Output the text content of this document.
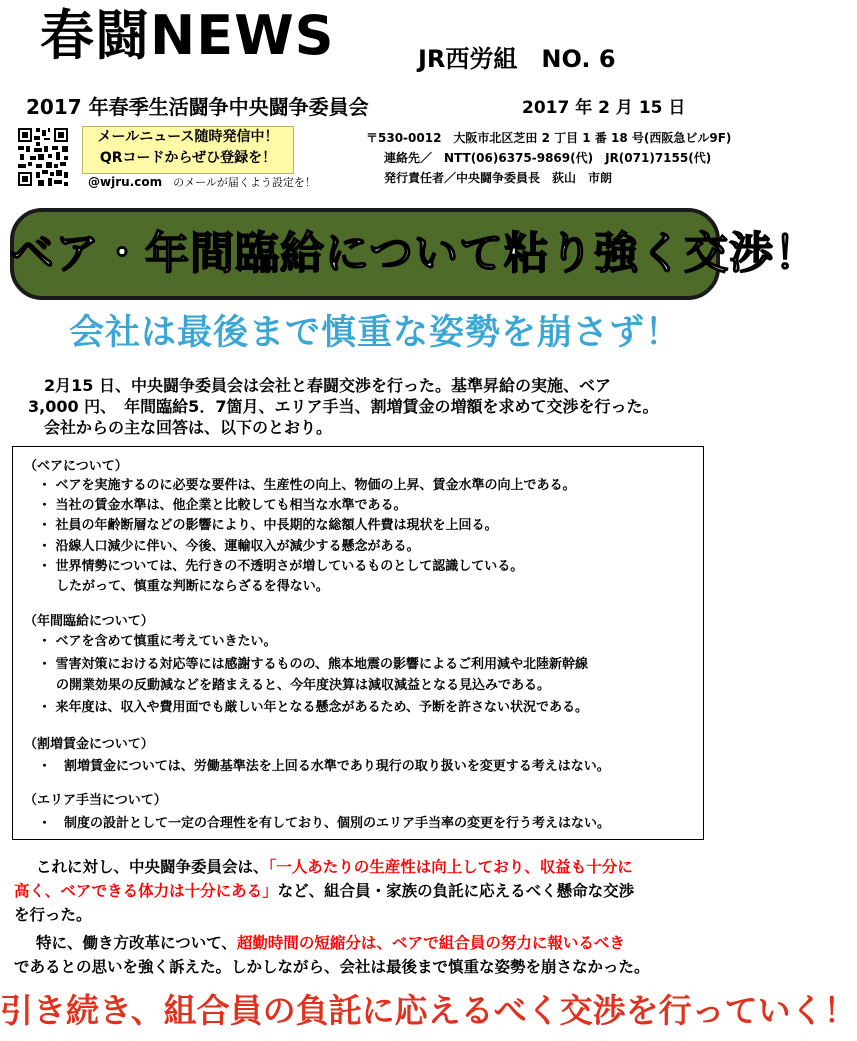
春闘NEWS	JR西労組　NO. 6
2017 年春季生活闘争中央闘争委員会	2017 年 2 月 15 日
メールニュース随時発信中！
QRコードからぜひ登録を！
@wjru.com　のメールが届くよう設定を！
〒530-0012　大阪市北区芝田 2 丁目 1 番 18 号(西阪急ビル9F)
連絡先／　NTT(06)6375-9869(代)　JR(071)7155(代)
発行責任者／中央闘争委員長　荻山　市朗
ベア・年間臨給について粘り強く交渉！
会社は最後まで慎重な姿勢を崩さず！
2月15 日、中央闘争委員会は会社と春闘交渉を行った。基準昇給の実施、ベア
3,000 円、　年間臨給5．7箇月、エリア手当、割増賃金の増額を求めて交渉を行った。
会社からの主な回答は、以下のとおり。
（ベアについて）
・ ベアを実施するのに必要な要件は、生産性の向上、物価の上昇、賃金水準の向上である。
・ 当社の賃金水準は、他企業と比較しても相当な水準である。
・ 社員の年齢断層などの影響により、中長期的な総額人件費は現状を上回る。
・ 沿線人口減少に伴い、今後、運輸収入が減少する懸念がある。
・ 世界情勢については、先行きの不透明さが増しているものとして認識している。
したがって、慎重な判断にならざるを得ない。
（年間臨給について）
・ ベアを含めて慎重に考えていきたい。
・ 雪害対策における対応等には感謝するものの、熊本地震の影響によるご利用減や北陸新幹線
の開業効果の反動減などを踏まえると、今年度決算は減収減益となる見込みである。
・ 来年度は、収入や費用面でも厳しい年となる懸念があるため、予断を許さない状況である。
（割増賃金について）
・　割増賃金については、労働基準法を上回る水準であり現行の取り扱いを変更する考えはない。
（エリア手当について）
・　制度の設計として一定の合理性を有しており、個別のエリア手当率の変更を行う考えはない。
これに対し、中央闘争委員会は、「一人あたりの生産性は向上しており、収益も十分に
高く、ベアできる体力は十分にある」など、組合員・家族の負託に応えるべく懸命な交渉
を行った。
特に、働き方改革について、超勤時間の短縮分は、ベアで組合員の努力に報いるべき
であるとの思いを強く訴えた。しかしながら、会社は最後まで慎重な姿勢を崩さなかった。
引き続き、組合員の負託に応えるべく交渉を行っていく！
